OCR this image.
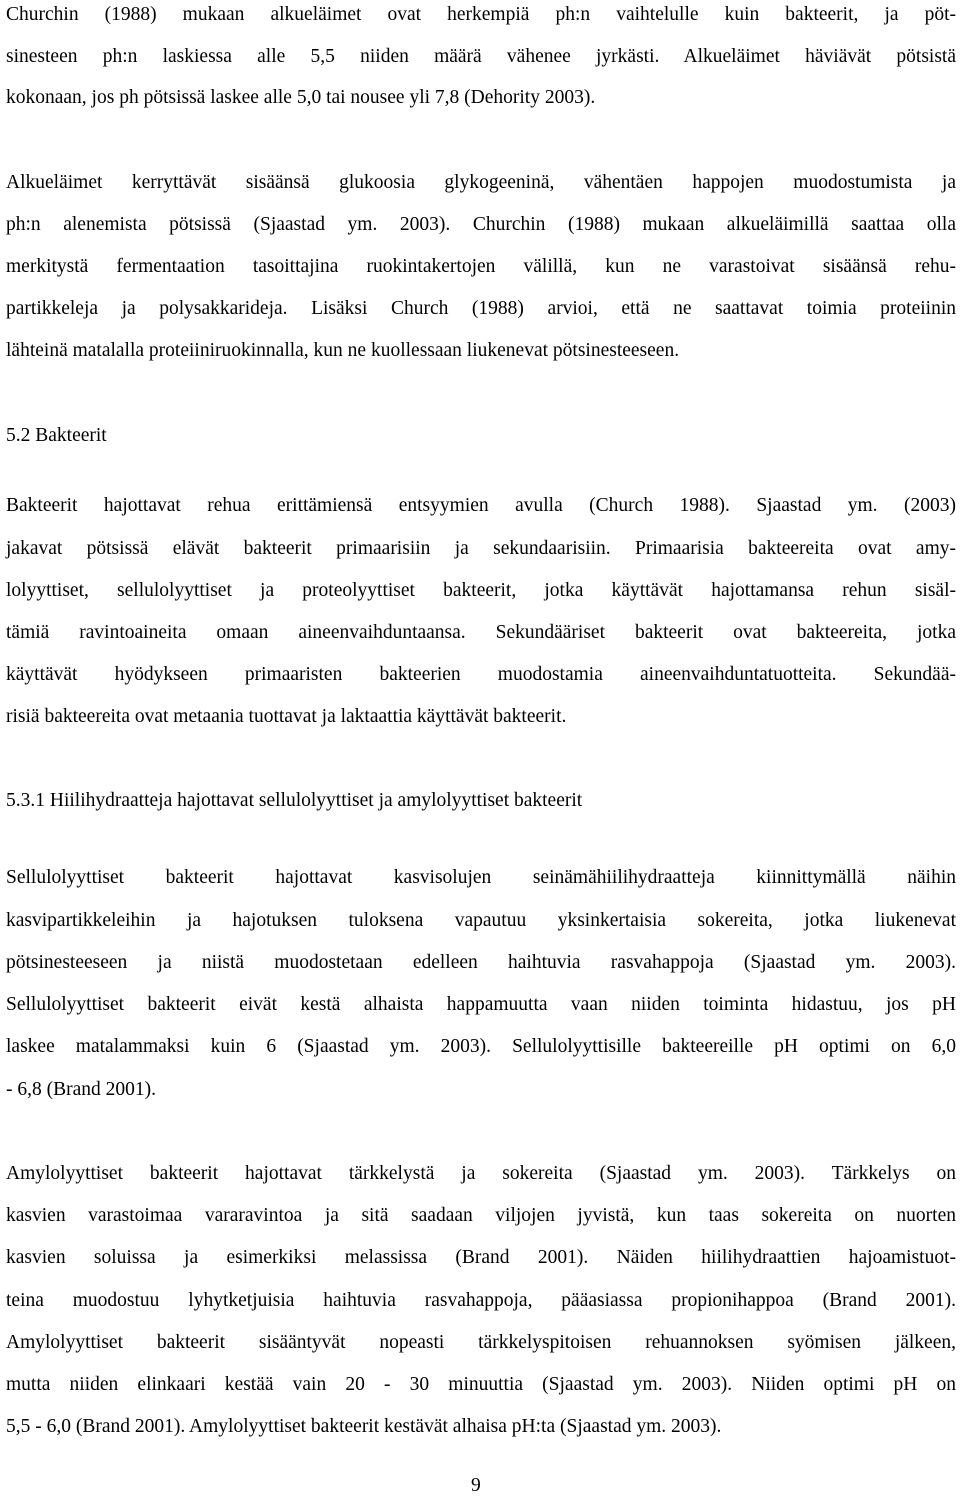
Churchin (1988) mukaan alkueläimet ovat herkempiä ph:n vaihtelulle kuin bakteerit, ja pöt-

sinesteen ph:n laskiessa alle 5,5 niiden määrä vähenee jyrkästi. Alkueläimet häviävät pötsistä

kokonaan, jos ph pötsissä laskee alle 5,0 tai nousee yli 7,8 (Dehority 2003).

Alkueläimet kerryttävät sisäänsä glukoosia glykogeeninä, vähentäen happojen muodostumista ja

ph:n alenemista pötsissä (Sjaastad ym. 2003). Churchin (1988) mukaan alkueläimillä saattaa olla

merkitystä fermentaation tasoittajina ruokintakertojen välillä, kun ne varastoivat sisäänsä rehu-

partikkeleja ja polysakkarideja. Lisäksi Church (1988) arvioi, että ne saattavat toimia proteiinin

lähteinä matalalla proteiiniruokinnalla, kun ne kuollessaan liukenevat pötsinesteeseen.

5.2 Bakteerit

Bakteerit hajottavat rehua erittämiensä entsyymien avulla (Church 1988). Sjaastad ym. (2003)

jakavat pötsissä elävät bakteerit primaarisiin ja sekundaarisiin. Primaarisia bakteereita ovat amy-

lolyyttiset, sellulolyyttiset ja proteolyyttiset bakteerit, jotka käyttävät hajottamansa rehun sisäl-

tämiä ravintoaineita omaan aineenvaihduntaansa. Sekundääriset bakteerit ovat bakteereita, jotka

käyttävät hyödykseen primaaristen bakteerien muodostamia aineenvaihduntatuotteita. Sekundää-

risiä bakteereita ovat metaania tuottavat ja laktaattia käyttävät bakteerit.

5.3.1 Hiilihydraatteja hajottavat sellulolyyttiset ja amylolyyttiset bakteerit

Sellulolyyttiset bakteerit hajottavat kasvisolujen seinämähiilihydraatteja kiinnittymällä näihin

kasvipartikkeleihin ja hajotuksen tuloksena vapautuu yksinkertaisia sokereita, jotka liukenevat

pötsinesteeseen ja niistä muodostetaan edelleen haihtuvia rasvahappoja (Sjaastad ym. 2003).

Sellulolyyttiset bakteerit eivät kestä alhaista happamuutta vaan niiden toiminta hidastuu, jos pH

laskee matalammaksi kuin 6 (Sjaastad ym. 2003). Sellulolyyttisille bakteereille pH optimi on 6,0

- 6,8 (Brand 2001).

Amylolyyttiset bakteerit hajottavat tärkkelystä ja sokereita (Sjaastad ym. 2003). Tärkkelys on

kasvien varastoimaa vararavintoa ja sitä saadaan viljojen jyvistä, kun taas sokereita on nuorten

kasvien soluissa ja esimerkiksi melassissa (Brand 2001). Näiden hiilihydraattien hajoamistuot-

teina muodostuu lyhytketjuisia haihtuvia rasvahappoja, pääasiassa propionihappoa (Brand 2001).

Amylolyyttiset bakteerit sisääntyvät nopeasti tärkkelyspitoisen rehuannoksen syömisen jälkeen,

mutta niiden elinkaari kestää vain 20 - 30 minuuttia (Sjaastad ym. 2003). Niiden optimi pH on

5,5 - 6,0 (Brand 2001). Amylolyyttiset bakteerit kestävät alhaisa pH:ta (Sjaastad ym. 2003).

9
